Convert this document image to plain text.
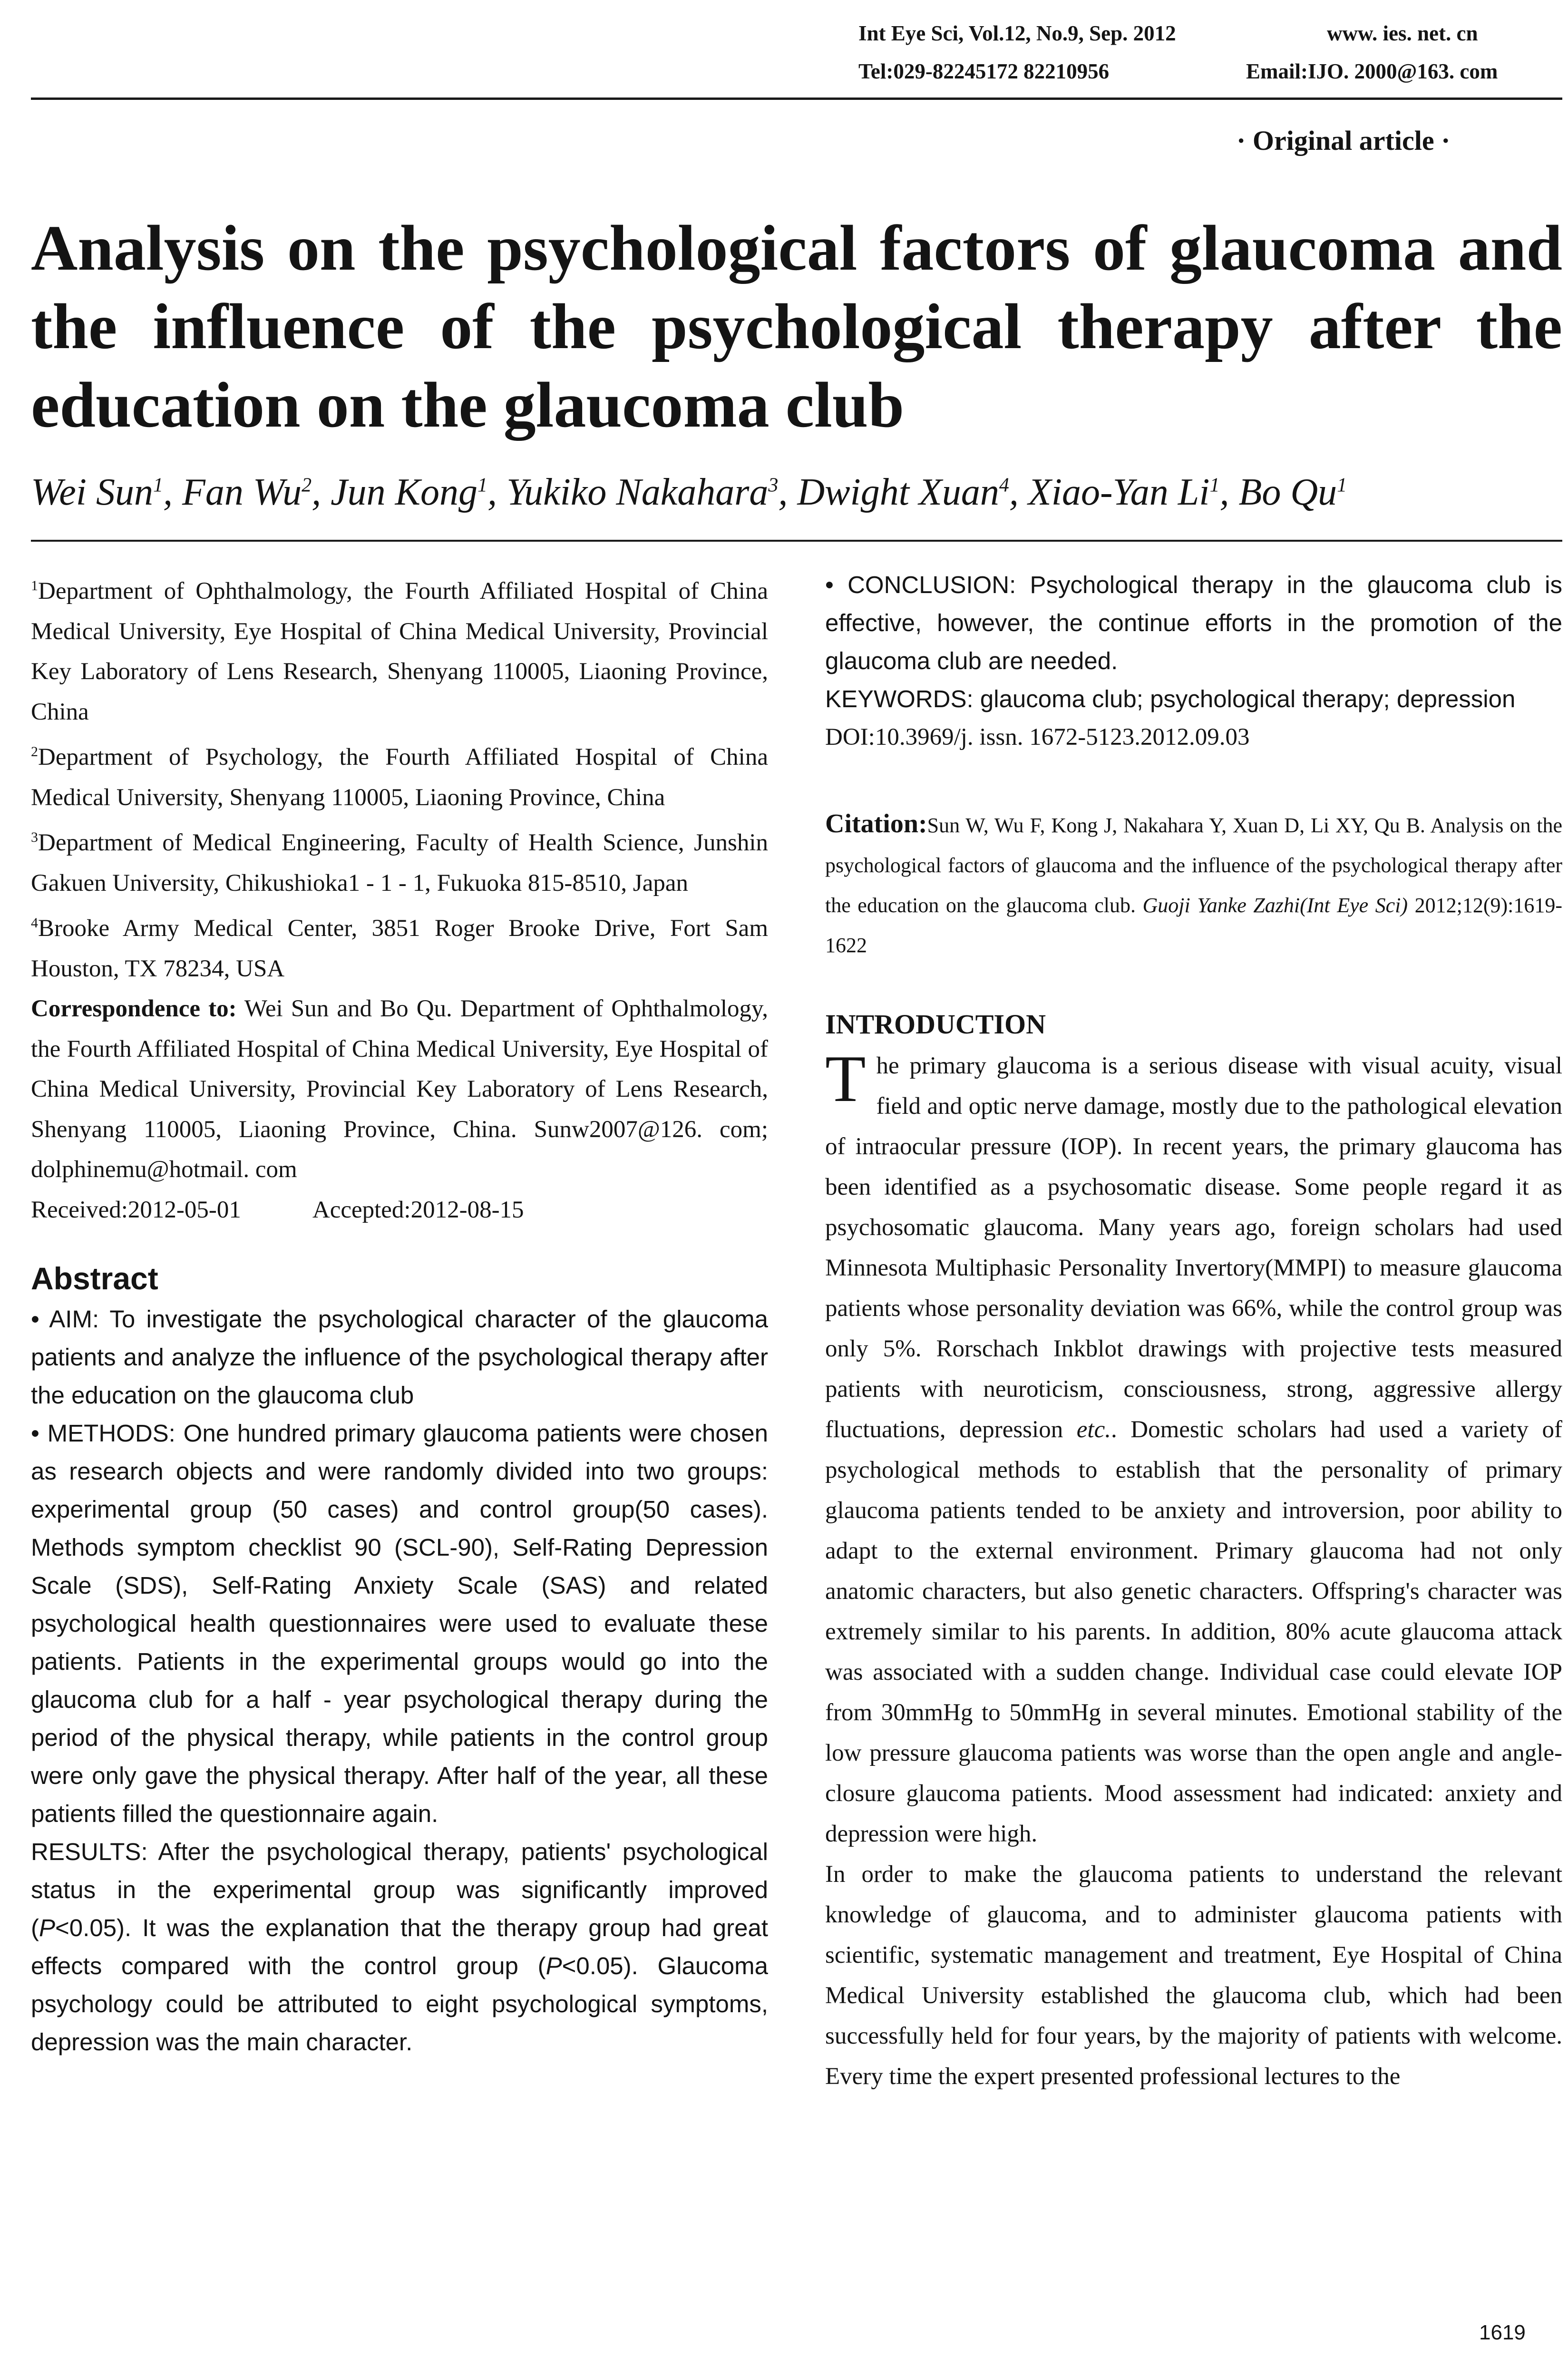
Int Eye Sci, Vol.12, No.9, Sep. 2012	www. ies. net. cn
Tel:029-82245172 82210956	Email:IJO. 2000@163. com
· Original article ·
Analysis on the psychological factors of glaucoma and the influence of the psychological therapy after the education on the glaucoma club

Wei Sun$^1$, Fan Wu$^2$, Jun Kong$^1$, Yukiko Nakahara$^3$, Dwight Xuan$^4$, Xiao-Yan Li$^1$, Bo Qu$^1$

$^1$Department of Ophthalmology, the Fourth Affiliated Hospital of China Medical University, Eye Hospital of China Medical University, Provincial Key Laboratory of Lens Research, Shenyang 110005, Liaoning Province, China

$^2$Department of Psychology, the Fourth Affiliated Hospital of China Medical University, Shenyang 110005, Liaoning Province, China

$^3$Department of Medical Engineering, Faculty of Health Science, Junshin Gakuen University, Chikushioka1 - 1 - 1, Fukuoka 815-8510, Japan

$^4$Brooke Army Medical Center, 3851 Roger Brooke Drive, Fort Sam Houston, TX 78234, USA

Correspondence to: Wei Sun and Bo Qu. Department of Ophthalmology, the Fourth Affiliated Hospital of China Medical University, Eye Hospital of China Medical University, Provincial Key Laboratory of Lens Research, Shenyang 110005, Liaoning Province, China. Sunw2007@126. com; dolphinemu@hotmail. com

Received:2012-05-01	Accepted:2012-08-15

Abstract

• AIM: To investigate the psychological character of the glaucoma patients and analyze the influence of the psychological therapy after the education on the glaucoma club

• METHODS: One hundred primary glaucoma patients were chosen as research objects and were randomly divided into two groups: experimental group (50 cases) and control group(50 cases). Methods symptom checklist 90 (SCL-90), Self-Rating Depression Scale (SDS), Self-Rating Anxiety Scale (SAS) and related psychological health questionnaires were used to evaluate these patients. Patients in the experimental groups would go into the glaucoma club for a half - year psychological therapy during the period of the physical therapy, while patients in the control group were only gave the physical therapy. After half of the year, all these patients filled the questionnaire again.

RESULTS: After the psychological therapy, patients' psychological status in the experimental group was significantly improved (P<0.05). It was the explanation that the therapy group had great effects compared with the control group (P<0.05). Glaucoma psychology could be attributed to eight psychological symptoms, depression was the main character.

• CONCLUSION: Psychological therapy in the glaucoma club is effective, however, the continue efforts in the promotion of the glaucoma club are needed.

KEYWORDS: glaucoma club; psychological therapy; depression

DOI:10.3969/j. issn. 1672-5123.2012.09.03

Citation:Sun W, Wu F, Kong J, Nakahara Y, Xuan D, Li XY, Qu B. Analysis on the psychological factors of glaucoma and the influence of the psychological therapy after the education on the glaucoma club. Guoji Yanke Zazhi(Int Eye Sci) 2012;12(9):1619-1622

INTRODUCTION

The primary glaucoma is a serious disease with visual acuity, visual field and optic nerve damage, mostly due to the pathological elevation of intraocular pressure (IOP). In recent years, the primary glaucoma has been identified as a psychosomatic disease. Some people regard it as psychosomatic glaucoma. Many years ago, foreign scholars had used Minnesota Multiphasic Personality Invertory(MMPI) to measure glaucoma patients whose personality deviation was 66%, while the control group was only 5%. Rorschach Inkblot drawings with projective tests measured patients with neuroticism, consciousness, strong, aggressive allergy fluctuations, depression etc.. Domestic scholars had used a variety of psychological methods to establish that the personality of primary glaucoma patients tended to be anxiety and introversion, poor ability to adapt to the external environment. Primary glaucoma had not only anatomic characters, but also genetic characters. Offspring's character was extremely similar to his parents. In addition, 80% acute glaucoma attack was associated with a sudden change. Individual case could elevate IOP from 30mmHg to 50mmHg in several minutes. Emotional stability of the low pressure glaucoma patients was worse than the open angle and angle-closure glaucoma patients. Mood assessment had indicated: anxiety and depression were high.

In order to make the glaucoma patients to understand the relevant knowledge of glaucoma, and to administer glaucoma patients with scientific, systematic management and treatment, Eye Hospital of China Medical University established the glaucoma club, which had been successfully held for four years, by the majority of patients with welcome. Every time the expert presented professional lectures to the

1619
